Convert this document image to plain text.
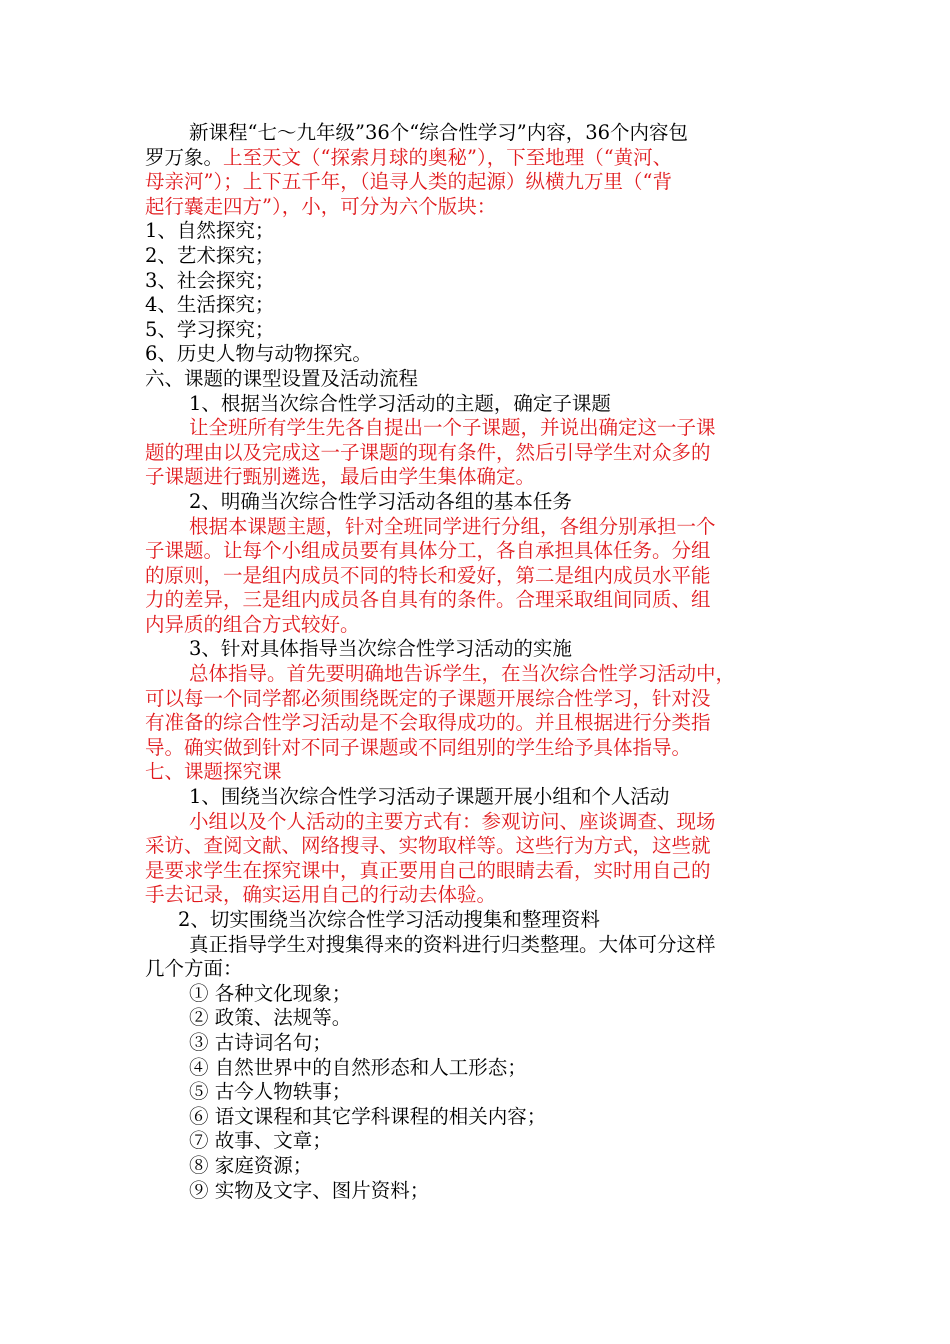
新课程“七～九年级”36个“综合性学习”内容，36个内容包
罗万象。上至天文（“探索月球的奥秘”），下至地理（“黄河、
母亲河”）；上下五千年，（追寻人类的起源）纵横九万里（“背
起行囊走四方”），小，可分为六个版块：
1、自然探究；
2、艺术探究；
3、社会探究；
4、生活探究；
5、学习探究；
6、历史人物与动物探究。
六、课题的课型设置及活动流程
1、根据当次综合性学习活动的主题，确定子课题
让全班所有学生先各自提出一个子课题，并说出确定这一子课
题的理由以及完成这一子课题的现有条件，然后引导学生对众多的
子课题进行甄别遴选，最后由学生集体确定。
2、明确当次综合性学习活动各组的基本任务
根据本课题主题，针对全班同学进行分组，各组分别承担一个
子课题。让每个小组成员要有具体分工，各自承担具体任务。分组
的原则，一是组内成员不同的特长和爱好，第二是组内成员水平能
力的差异，三是组内成员各自具有的条件。合理采取组间同质、组
内异质的组合方式较好。
3、针对具体指导当次综合性学习活动的实施
总体指导。首先要明确地告诉学生，在当次综合性学习活动中，
可以每一个同学都必须围绕既定的子课题开展综合性学习，针对没
有准备的综合性学习活动是不会取得成功的。并且根据进行分类指
导。确实做到针对不同子课题或不同组别的学生给予具体指导。
七、课题探究课
1、围绕当次综合性学习活动子课题开展小组和个人活动
小组以及个人活动的主要方式有：参观访问、座谈调查、现场
采访、查阅文献、网络搜寻、实物取样等。这些行为方式，这些就
是要求学生在探究课中，真正要用自己的眼睛去看，实时用自己的
手去记录，确实运用自己的行动去体验。
2、切实围绕当次综合性学习活动搜集和整理资料
真正指导学生对搜集得来的资料进行归类整理。大体可分这样
几个方面：
① 各种文化现象；
② 政策、法规等。
③ 古诗词名句；
④ 自然世界中的自然形态和人工形态；
⑤ 古今人物轶事；
⑥ 语文课程和其它学科课程的相关内容；
⑦ 故事、文章；
⑧ 家庭资源；
⑨ 实物及文字、图片资料；
